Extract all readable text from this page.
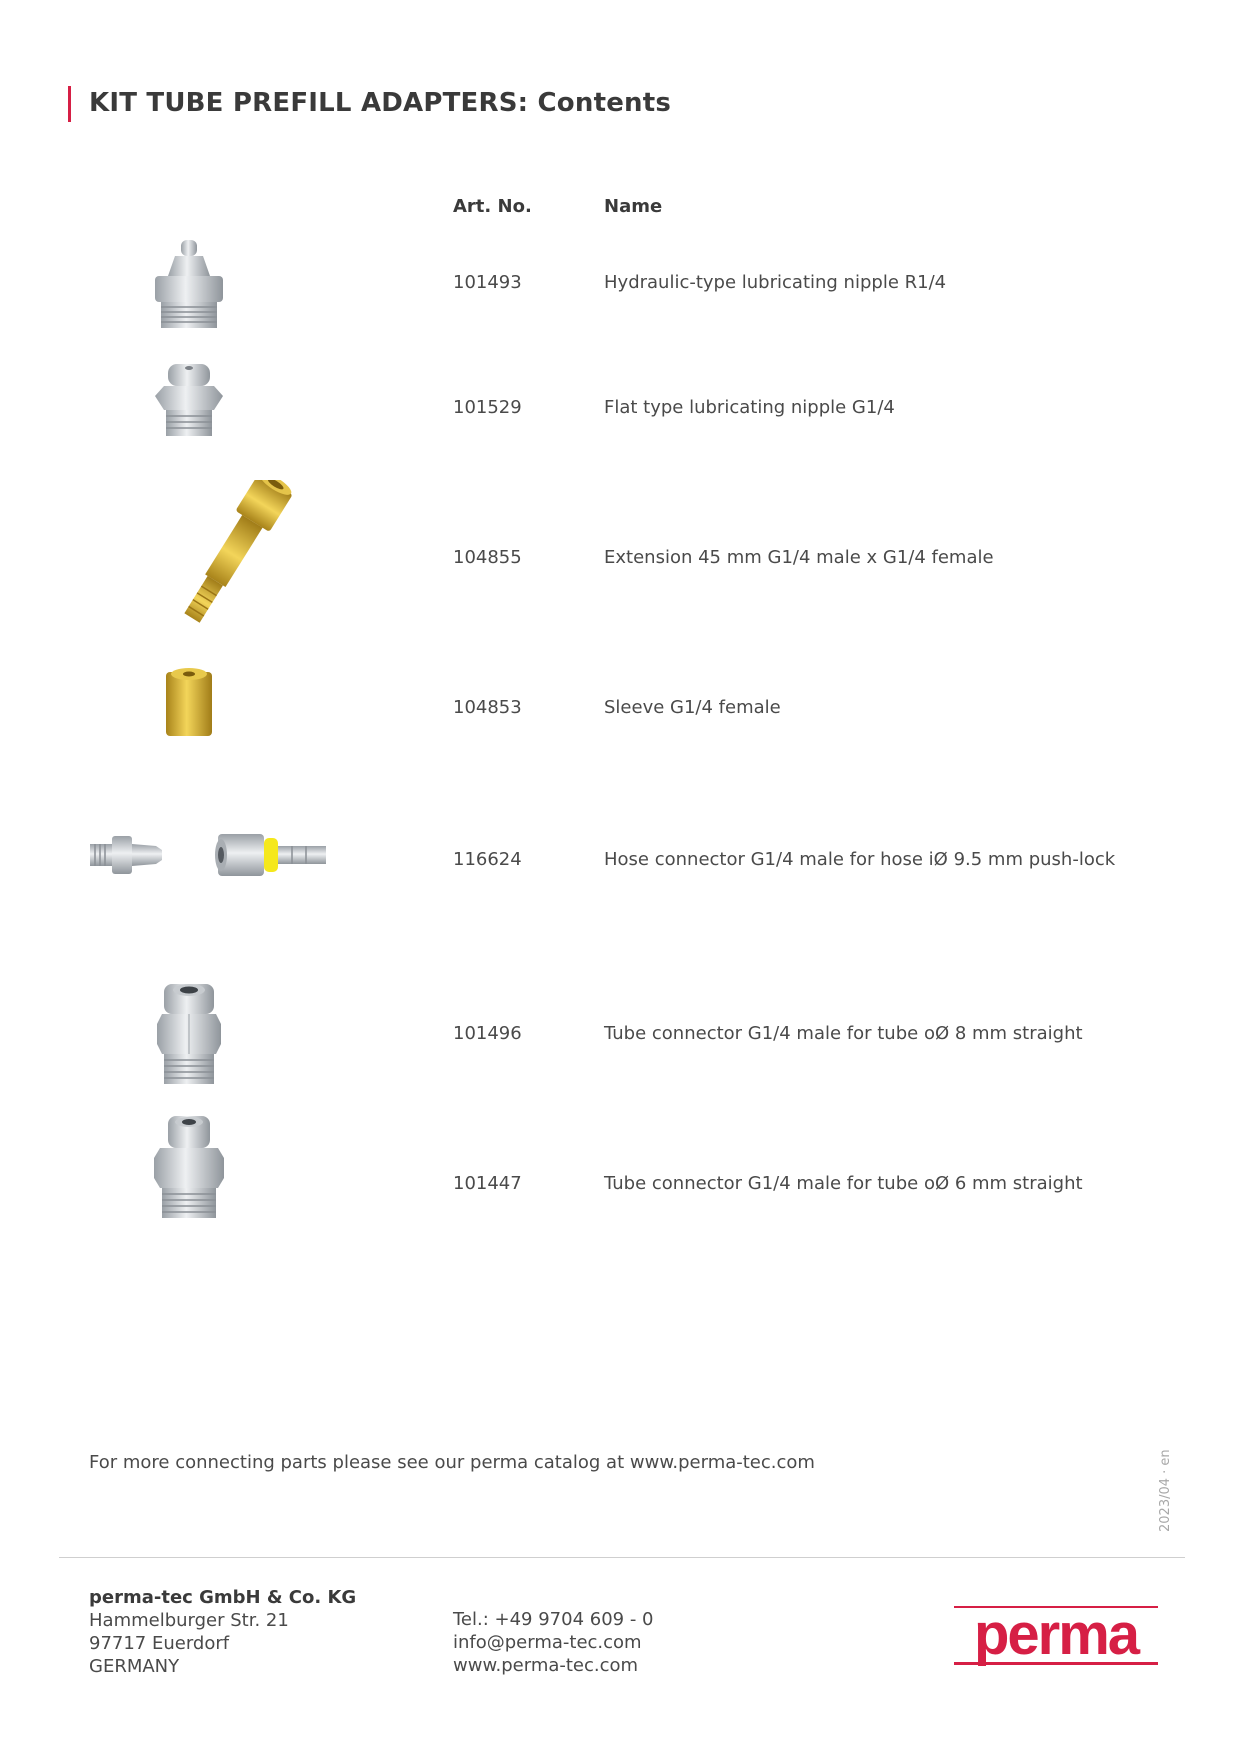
KIT TUBE PREFILL ADAPTERS: Contents
Art. No.	Name
101493	Hydraulic-type lubricating nipple R1/4
101529	Flat type lubricating nipple G1/4
104855	Extension 45 mm G1/4 male x G1/4 female
104853	Sleeve G1/4 female
116624	Hose connector G1/4 male for hose iØ 9.5 mm push-lock
101496	Tube connector G1/4 male for tube oØ 8 mm straight
101447	Tube connector G1/4 male for tube oØ 6 mm straight
For more connecting parts please see our perma catalog at www.perma-tec.com	2023/04 · en
perma-tec GmbH & Co. KG
Hammelburger Str. 21
97717 Euerdorf
GERMANY
Tel.: +49 9704 609 - 0
info@perma-tec.com
www.perma-tec.com	perma
